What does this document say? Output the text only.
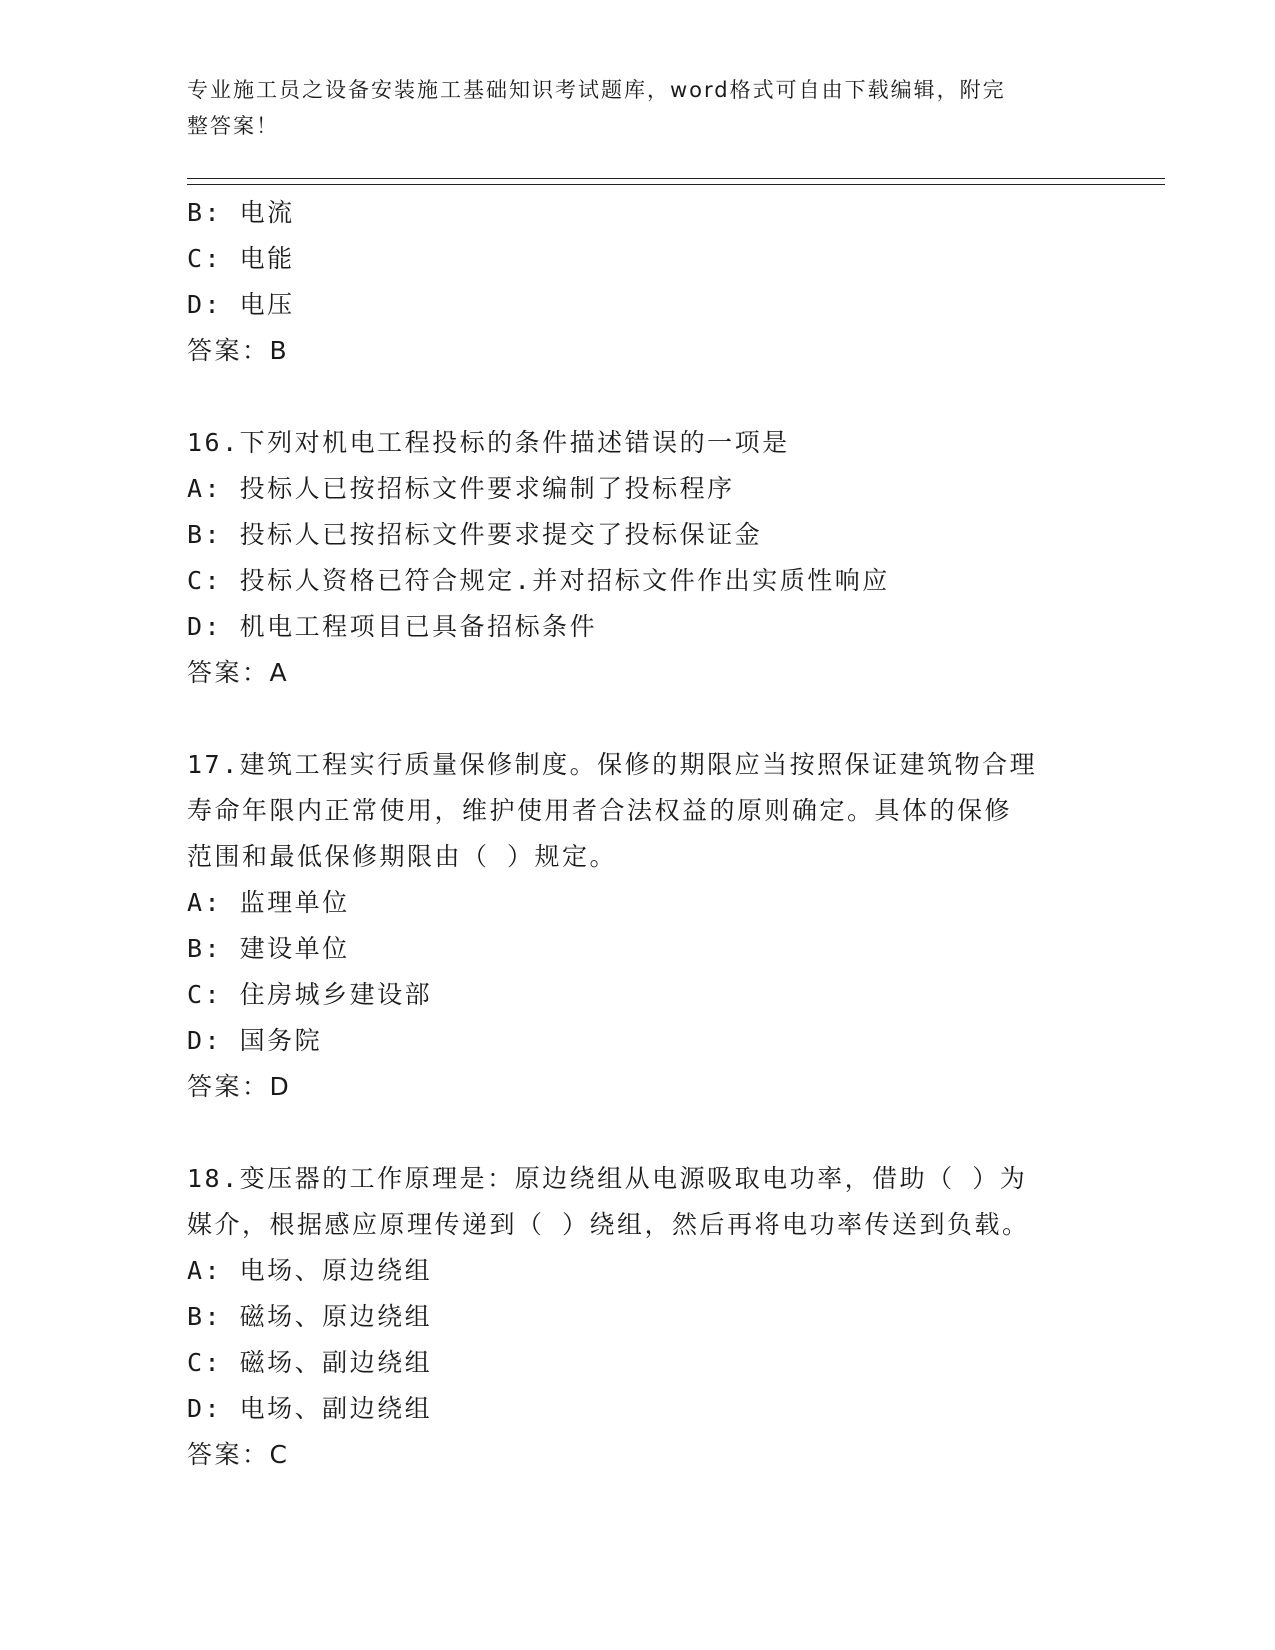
专业施工员之设备安装施工基础知识考试题库，word格式可自由下载编辑，附完
整答案！
B: 电流
C: 电能
D: 电压
答案：B
16.下列对机电工程投标的条件描述错误的一项是
A: 投标人已按招标文件要求编制了投标程序
B: 投标人已按招标文件要求提交了投标保证金
C: 投标人资格已符合规定.并对招标文件作出实质性响应
D: 机电工程项目已具备招标条件
答案：A
17.建筑工程实行质量保修制度。保修的期限应当按照保证建筑物合理
寿命年限内正常使用，维护使用者合法权益的原则确定。具体的保修
范围和最低保修期限由（ ）规定。
A: 监理单位
B: 建设单位
C: 住房城乡建设部
D: 国务院
答案：D
18.变压器的工作原理是：原边绕组从电源吸取电功率，借助（ ）为
媒介，根据感应原理传递到（ ）绕组，然后再将电功率传送到负载。
A: 电场、原边绕组
B: 磁场、原边绕组
C: 磁场、副边绕组
D: 电场、副边绕组
答案：C
